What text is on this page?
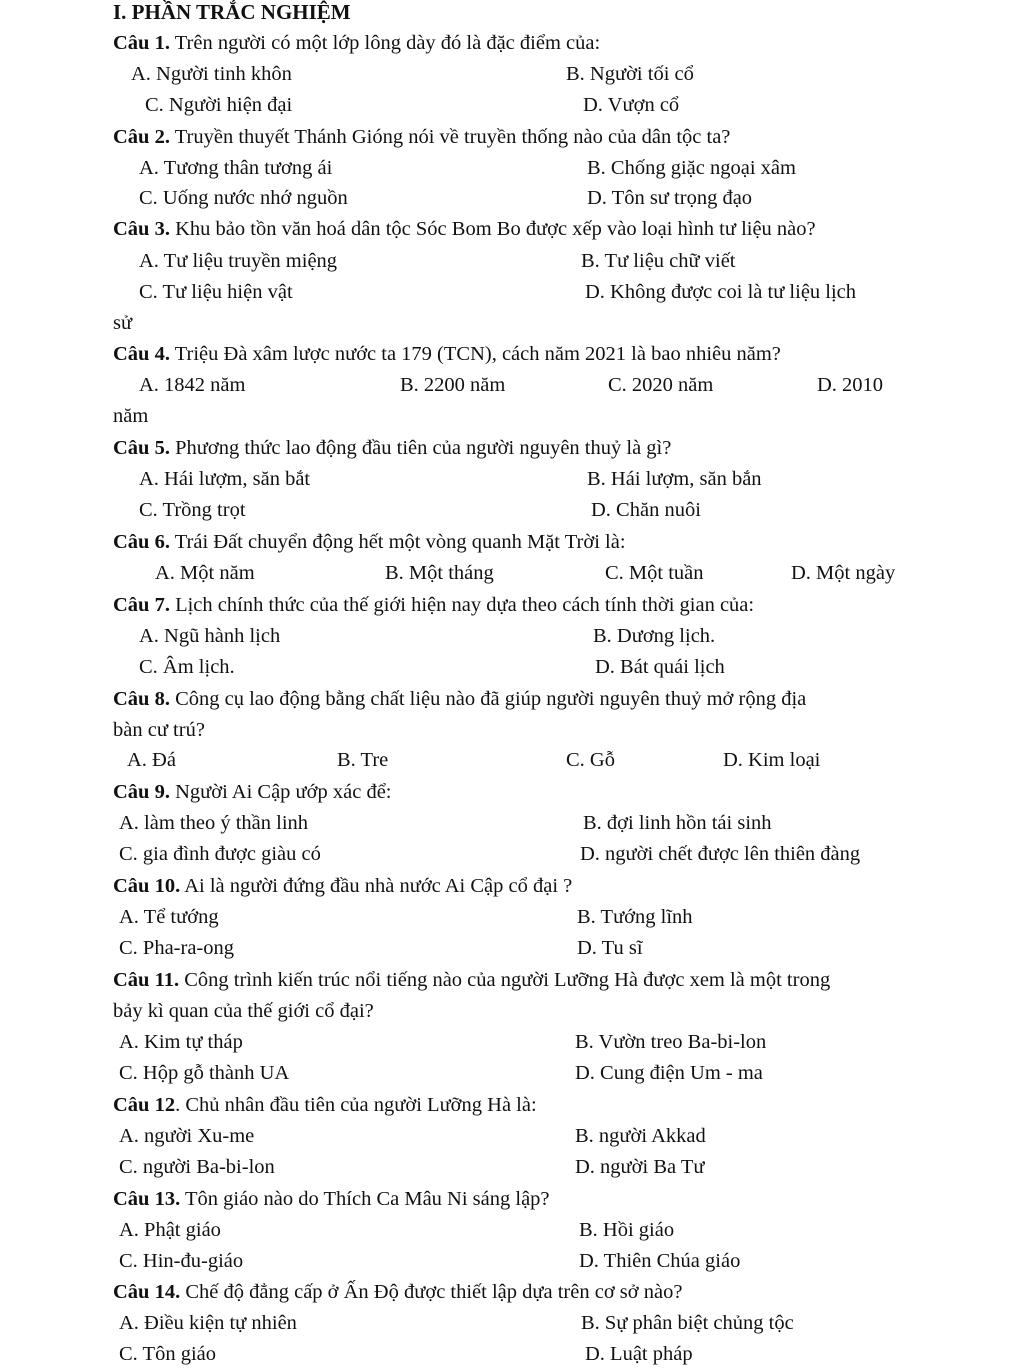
I. PHẦN TRẮC NGHIỆM
Câu 1. Trên người có một lớp lông dày đó là đặc điểm của:
A. Người tinh khôn	B. Người tối cổ
C. Người hiện đại	D. Vượn cổ
Câu 2. Truyền thuyết Thánh Gióng nói về truyền thống nào của dân tộc ta?
A. Tương thân tương ái	B. Chống giặc ngoại xâm
C. Uống nước nhớ nguồn	D. Tôn sư trọng đạo
Câu 3. Khu bảo tồn văn hoá dân tộc Sóc Bom Bo được xếp vào loại hình tư liệu nào?
A. Tư liệu truyền miệng	B. Tư liệu chữ viết
C. Tư liệu hiện vật	D. Không được coi là tư liệu lịch
sử
Câu 4. Triệu Đà xâm lược nước ta 179 (TCN), cách năm 2021 là bao nhiêu năm?
A. 1842 năm	B. 2200 năm	C. 2020 năm	D. 2010
năm
Câu 5. Phương thức lao động đầu tiên của người nguyên thuỷ là gì?
A. Hái lượm, săn bắt	B. Hái lượm, săn bắn
C. Trồng trọt	D. Chăn nuôi
Câu 6. Trái Đất chuyển động hết một vòng quanh Mặt Trời là:
A. Một năm	B. Một tháng	C. Một tuần	D. Một ngày
Câu 7. Lịch chính thức của thế giới hiện nay dựa theo cách tính thời gian của:
A. Ngũ hành lịch	B. Dương lịch.
C. Âm lịch.	D. Bát quái lịch
Câu 8. Công cụ lao động bằng chất liệu nào đã giúp người nguyên thuỷ mở rộng địa
bàn cư trú?
A. Đá	B. Tre	C. Gỗ	D. Kim loại
Câu 9. Người Ai Cập ướp xác để:
A. làm theo ý thần linh	B. đợi linh hồn tái sinh
C. gia đình được giàu có	D. người chết được lên thiên đàng
Câu 10. Ai là người đứng đầu nhà nước Ai Cập cổ đại ?
A. Tể tướng	B. Tướng lĩnh
C. Pha-ra-ong	D. Tu sĩ
Câu 11. Công trình kiến trúc nổi tiếng nào của người Lưỡng Hà được xem là một trong
bảy kì quan của thế giới cổ đại?
A. Kim tự tháp	B. Vườn treo Ba-bi-lon
C. Hộp gỗ thành UA	D. Cung điện Um - ma
Câu 12. Chủ nhân đầu tiên của người Lưỡng Hà là:
A. người Xu-me	B. người Akkad
C. người Ba-bi-lon	D. người Ba Tư
Câu 13. Tôn giáo nào do Thích Ca Mâu Ni sáng lập?
A. Phật giáo	B. Hồi giáo
C. Hin-đu-giáo	D. Thiên Chúa giáo
Câu 14. Chế độ đẳng cấp ở Ấn Độ được thiết lập dựa trên cơ sở nào?
A. Điều kiện tự nhiên	B. Sự phân biệt chủng tộc
C. Tôn giáo	D. Luật pháp
